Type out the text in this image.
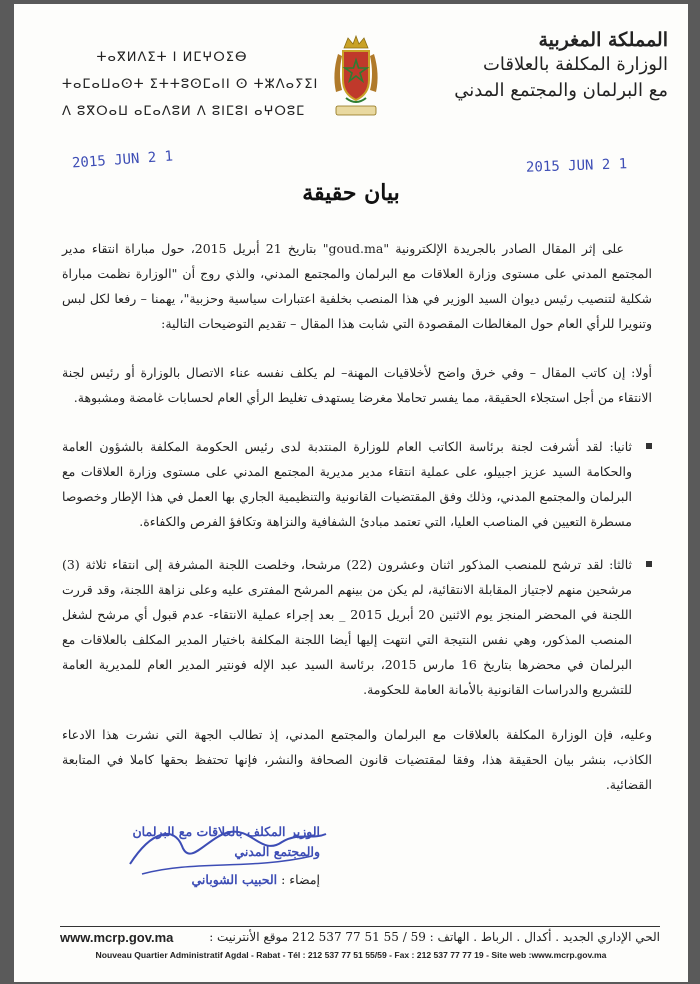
ⵜⴰⴳⵍⴷⵉⵜ ⵏ ⵍⵎⵖⵔⵉⴱ
ⵜⴰⵎⴰⵡⴰⵙⵜ ⵉⵜⵜⵓⵙⵎⴰⵏⵏ ⵙ ⵜⵣⴷⴰⵢⵉⵏ
ⴷ ⵓⴳⵔⴰⵡ ⴰⵎⴰⴷⵓⵍ ⴷ ⵓⵏⵎⵓⵏ ⴰⵖⵔⵓⵎ
المملكة المغربية
الوزارة المكلفة بالعلاقات
مع البرلمان والمجتمع المدني
2015 JUN 2 1	2015 JUN 2 1
بيان حقيقة

على إثر المقال الصادر بالجريدة الإلكترونية "goud.ma" بتاريخ 21 أبريل 2015، حول مباراة انتقاء مدير المجتمع المدني على مستوى وزارة العلاقات مع البرلمان والمجتمع المدني، والذي روج أن "الوزارة نظمت مباراة شكلية لتنصيب رئيس ديوان السيد الوزير في هذا المنصب بخلفية اعتبارات سياسية وحزبية"، يهمنا – رفعا لكل لبس وتنويرا للرأي العام حول المغالطات المقصودة التي شابت هذا المقال – تقديم التوضيحات التالية:

أولا: إن كاتب المقال – وفي خرق واضح لأخلاقيات المهنة– لم يكلف نفسه عناء الاتصال بالوزارة أو رئيس لجنة الانتقاء من أجل استجلاء الحقيقة، مما يفسر تحاملا مغرضا يستهدف تغليط الرأي العام لحسابات غامضة ومشبوهة.

ثانيا: لقد أشرفت لجنة برئاسة الكاتب العام للوزارة المنتدبة لدى رئيس الحكومة المكلفة بالشؤون العامة والحكامة السيد عزيز اجبيلو، على عملية انتقاء مدير مديرية المجتمع المدني على مستوى وزارة العلاقات مع البرلمان والمجتمع المدني، وذلك وفق المقتضيات القانونية والتنظيمية الجاري بها العمل في هذا الإطار وخصوصا مسطرة التعيين في المناصب العليا، التي تعتمد مبادئ الشفافية والنزاهة وتكافؤ الفرص والكفاءة.

ثالثا: لقد ترشح للمنصب المذكور اثنان وعشرون (22) مرشحا، وخلصت اللجنة المشرفة إلى انتقاء ثلاثة (3) مرشحين منهم لاجتياز المقابلة الانتقائية، لم يكن من بينهم المرشح المفترى عليه وعلى نزاهة اللجنة، وقد قررت اللجنة في المحضر المنجز يوم الاثنين 20 أبريل 2015 _ بعد إجراء عملية الانتقاء- عدم قبول أي مرشح لشغل المنصب المذكور، وهي نفس النتيجة التي انتهت إليها أيضا اللجنة المكلفة باختيار المدير المكلف بالعلاقات مع البرلمان في محضرها بتاريخ 16 مارس 2015، برئاسة السيد عبد الإله فونتير المدير العام للمديرية العامة للتشريع والدراسات القانونية بالأمانة العامة للحكومة.

وعليه، فإن الوزارة المكلفة بالعلاقات مع البرلمان والمجتمع المدني، إذ تطالب الجهة التي نشرت هذا الادعاء الكاذب، بنشر بيان الحقيقة هذا، وفقا لمقتضيات قانون الصحافة والنشر، فإنها تحتفظ بحقها كاملا في المتابعة القضائية.

الوزير المكلف بالعلاقات مع البرلمان
والمجتمع المدني
إمضاء : الحبيب الشوباني
www.mcrp.gov.ma	الحي الإداري الجديد . أكدال . الرباط . الهاتف : 59 / 55 51 77 537 212 موقع الأنترنيت :
Nouveau Quartier Administratif Agdal - Rabat - Tél : 212 537 77 51 55/59 - Fax : 212 537 77 77 19 - Site web :www.mcrp.gov.ma
